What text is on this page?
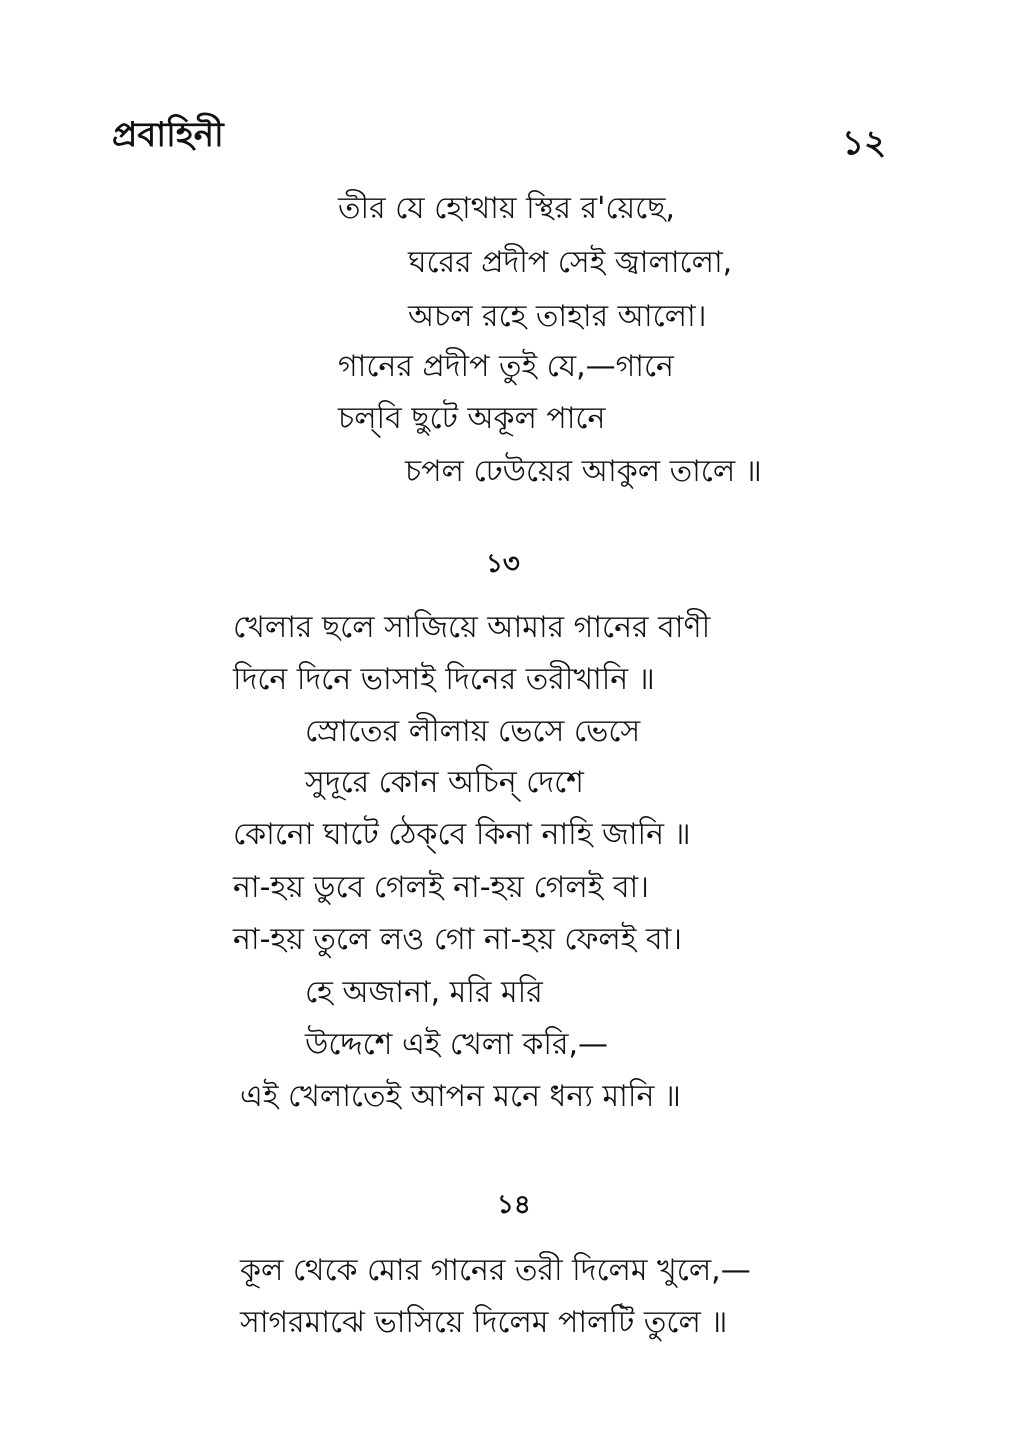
প্রবাহিনী	১২
তীর যে হোথায় স্থির র'য়েছে,
ঘরের প্রদীপ সেই জ্বালালো,
অচল রহে তাহার আলো।
গানের প্রদীপ তুই যে,—গানে
চল্‌বি ছুটে অকূল পানে
চপল ঢেউয়ের আকুল তালে ॥
১৩
খেলার ছলে সাজিয়ে আমার গানের বাণী
দিনে দিনে ভাসাই দিনের তরীখানি ॥
স্রোতের লীলায় ভেসে ভেসে
সুদূরে কোন অচিন্‌ দেশে
কোনো ঘাটে ঠেক্‌বে কিনা নাহি জানি ॥
না-হয় ডুবে গেলই না-হয় গেলই বা।
না-হয় তুলে লও গো না-হয় ফেলই বা।
হে অজানা, মরি মরি
উদ্দেশে এই খেলা করি,—
এই খেলাতেই আপন মনে ধন্য মানি ॥
১৪
কূল থেকে মোর গানের তরী দিলেম খুলে,—
সাগরমাঝে ভাসিয়ে দিলেম পালটি তুলে ॥
